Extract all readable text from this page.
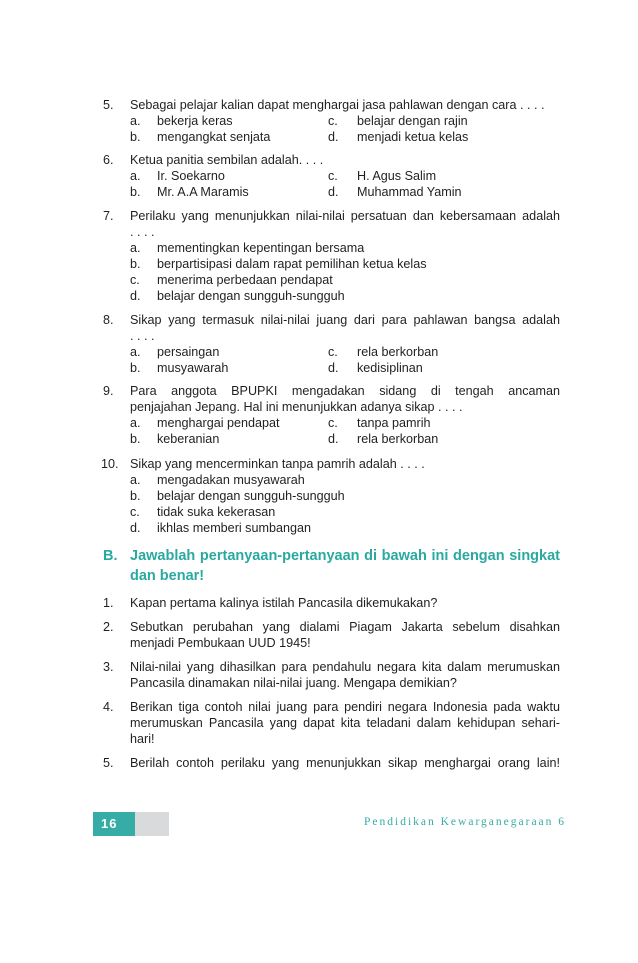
5. Sebagai pelajar kalian dapat menghargai jasa pahlawan dengan cara . . . .
a. bekerja keras	c. belajar dengan rajin
b. mengangkat senjata	d. menjadi ketua kelas
6. Ketua panitia sembilan adalah. . . .
a. Ir. Soekarno	c. H. Agus Salim
b. Mr. A.A Maramis	d. Muhammad Yamin
7. Perilaku yang menunjukkan nilai-nilai persatuan dan kebersamaan adalah
. . . .
a. mementingkan kepentingan bersama
b. berpartisipasi dalam rapat pemilihan ketua kelas
c. menerima perbedaan pendapat
d. belajar dengan sungguh-sungguh
8. Sikap yang termasuk nilai-nilai juang dari para pahlawan bangsa adalah
. . . .
a. persaingan	c. rela berkorban
b. musyawarah	d. kedisiplinan
9. Para anggota BPUPKI mengadakan sidang di tengah ancaman
penjajahan Jepang. Hal ini menunjukkan adanya sikap . . . .
a. menghargai pendapat	c. tanpa pamrih
b. keberanian	d. rela berkorban
10. Sikap yang mencerminkan tanpa pamrih adalah . . . .
a. mengadakan musyawarah
b. belajar dengan sungguh-sungguh
c. tidak suka kekerasan
d. ikhlas memberi sumbangan
B. Jawablah pertanyaan-pertanyaan di bawah ini dengan singkat
dan benar!
1. Kapan pertama kalinya istilah Pancasila dikemukakan?
2. Sebutkan perubahan yang dialami Piagam Jakarta sebelum disahkan
menjadi Pembukaan UUD 1945!
3. Nilai-nilai yang dihasilkan para pendahulu negara kita dalam merumuskan
Pancasila dinamakan nilai-nilai juang. Mengapa demikian?
4. Berikan tiga contoh nilai juang para pendiri negara Indonesia pada waktu
merumuskan Pancasila yang dapat kita teladani dalam kehidupan sehari-
hari!
5. Berilah contoh perilaku yang menunjukkan sikap menghargai orang lain!
16	Pendidikan Kewarganegaraan 6
